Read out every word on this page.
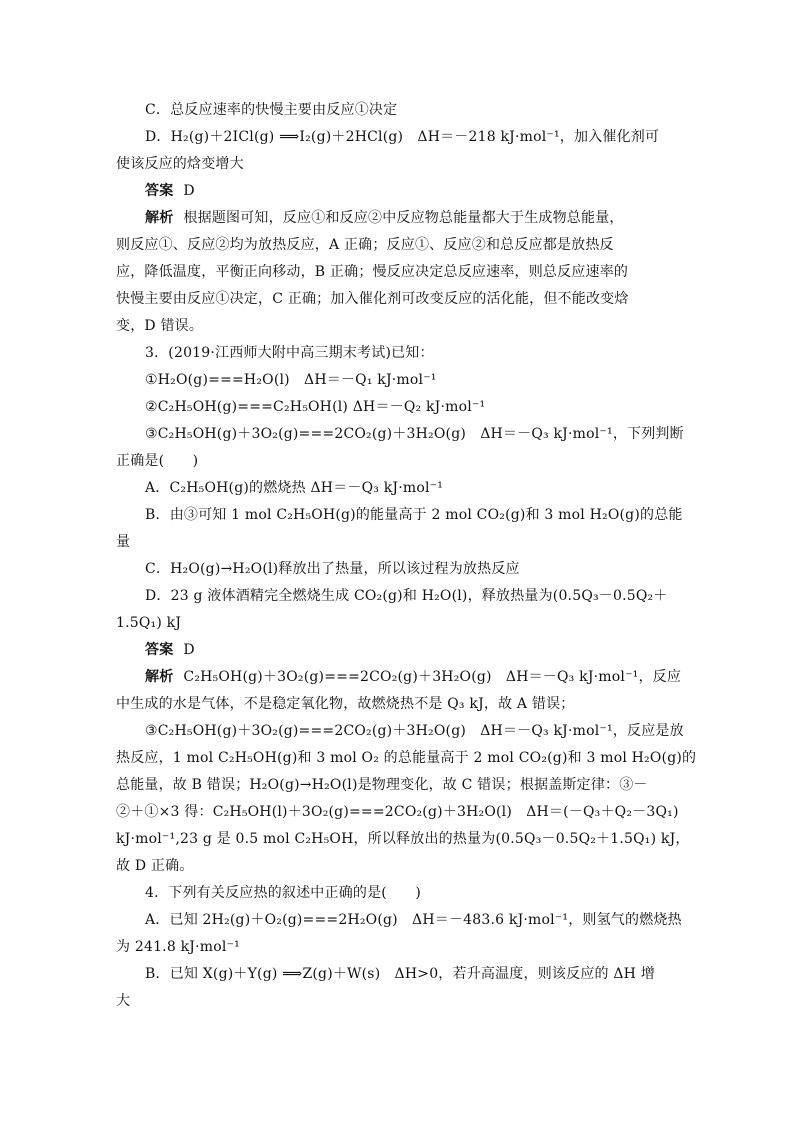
C．总反应速率的快慢主要由反应①决定
D．H₂(g)＋2ICl(g) ⟹I₂(g)＋2HCl(g)　ΔH＝－218 kJ·mol⁻¹，加入催化剂可
使该反应的焓变增大
答案 D
解析 根据题图可知，反应①和反应②中反应物总能量都大于生成物总能量，
则反应①、反应②均为放热反应，A 正确；反应①、反应②和总反应都是放热反
应，降低温度，平衡正向移动，B 正确；慢反应决定总反应速率，则总反应速率的
快慢主要由反应①决定，C 正确；加入催化剂可改变反应的活化能，但不能改变焓
变，D 错误。
3．(2019·江西师大附中高三期末考试)已知：
①H₂O(g)===H₂O(l)　ΔH＝－Q₁ kJ·mol⁻¹
②C₂H₅OH(g)===C₂H₅OH(l) ΔH＝－Q₂ kJ·mol⁻¹
③C₂H₅OH(g)＋3O₂(g)===2CO₂(g)＋3H₂O(g)　ΔH＝－Q₃ kJ·mol⁻¹，下列判断
正确是(　　)
A．C₂H₅OH(g)的燃烧热 ΔH＝－Q₃ kJ·mol⁻¹
B．由③可知 1 mol C₂H₅OH(g)的能量高于 2 mol CO₂(g)和 3 mol H₂O(g)的总能
量
C．H₂O(g)→H₂O(l)释放出了热量，所以该过程为放热反应
D．23 g 液体酒精完全燃烧生成 CO₂(g)和 H₂O(l)，释放热量为(0.5Q₃－0.5Q₂＋
1.5Q₁) kJ
答案 D
解析 C₂H₅OH(g)＋3O₂(g)===2CO₂(g)＋3H₂O(g)　ΔH＝－Q₃ kJ·mol⁻¹，反应
中生成的水是气体，不是稳定氧化物，故燃烧热不是 Q₃ kJ，故 A 错误；
③C₂H₅OH(g)＋3O₂(g)===2CO₂(g)＋3H₂O(g)　ΔH＝－Q₃ kJ·mol⁻¹，反应是放
热反应，1 mol C₂H₅OH(g)和 3 mol O₂ 的总能量高于 2 mol CO₂(g)和 3 mol H₂O(g)的
总能量，故 B 错误；H₂O(g)→H₂O(l)是物理变化，故 C 错误；根据盖斯定律：③－
②＋①×3 得：C₂H₅OH(l)＋3O₂(g)===2CO₂(g)＋3H₂O(l)　ΔH＝(－Q₃＋Q₂－3Q₁)
kJ·mol⁻¹,23 g 是 0.5 mol C₂H₅OH，所以释放出的热量为(0.5Q₃－0.5Q₂＋1.5Q₁) kJ，
故 D 正确。
4．下列有关反应热的叙述中正确的是(　　)
A．已知 2H₂(g)＋O₂(g)===2H₂O(g)　ΔH＝－483.6 kJ·mol⁻¹，则氢气的燃烧热
为 241.8 kJ·mol⁻¹
B．已知 X(g)＋Y(g) ⟹Z(g)＋W(s)　ΔH>0，若升高温度，则该反应的 ΔH 增
大
